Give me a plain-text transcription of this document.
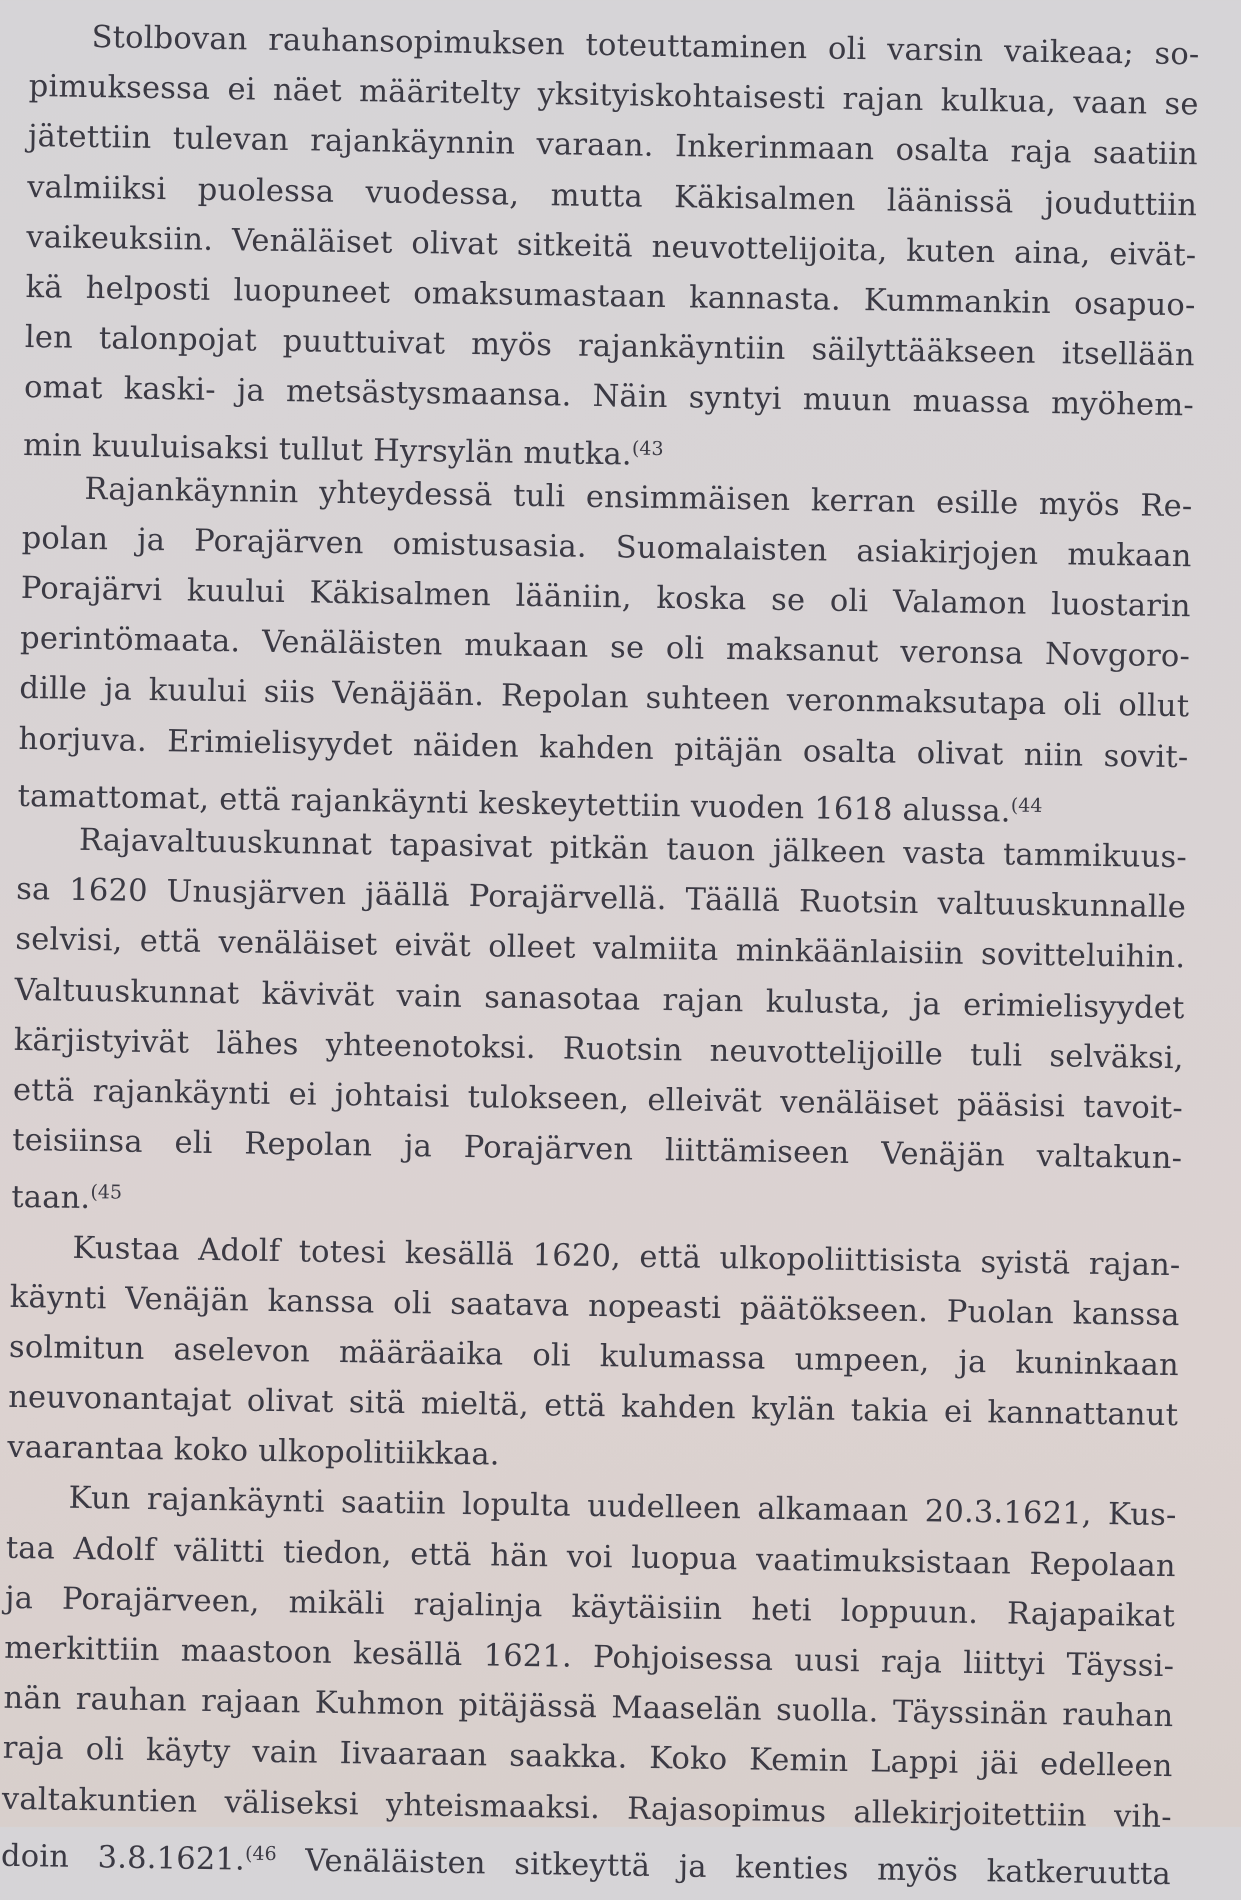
Stolbovan rauhansopimuksen toteuttaminen oli varsin vaikeaa; so-
pimuksessa ei näet määritelty yksityiskohtaisesti rajan kulkua, vaan se
jätettiin tulevan rajankäynnin varaan. Inkerinmaan osalta raja saatiin
valmiiksi puolessa vuodessa, mutta Käkisalmen läänissä jouduttiin
vaikeuksiin. Venäläiset olivat sitkeitä neuvottelijoita, kuten aina, eivät-
kä helposti luopuneet omaksumastaan kannasta. Kummankin osapuo-
len talonpojat puuttuivat myös rajankäyntiin säilyttääkseen itsellään
omat kaski- ja metsästysmaansa. Näin syntyi muun muassa myöhem-
min kuuluisaksi tullut Hyrsylän mutka.$^{(43}$
Rajankäynnin yhteydessä tuli ensimmäisen kerran esille myös Re-
polan ja Porajärven omistusasia. Suomalaisten asiakirjojen mukaan
Porajärvi kuului Käkisalmen lääniin, koska se oli Valamon luostarin
perintömaata. Venäläisten mukaan se oli maksanut veronsa Novgoro-
dille ja kuului siis Venäjään. Repolan suhteen veronmaksutapa oli ollut
horjuva. Erimielisyydet näiden kahden pitäjän osalta olivat niin sovit-
tamattomat, että rajankäynti keskeytettiin vuoden 1618 alussa.$^{(44}$
Rajavaltuuskunnat tapasivat pitkän tauon jälkeen vasta tammikuus-
sa 1620 Unusjärven jäällä Porajärvellä. Täällä Ruotsin valtuuskunnalle
selvisi, että venäläiset eivät olleet valmiita minkäänlaisiin sovitteluihin.
Valtuuskunnat kävivät vain sanasotaa rajan kulusta, ja erimielisyydet
kärjistyivät lähes yhteenotoksi. Ruotsin neuvottelijoille tuli selväksi,
että rajankäynti ei johtaisi tulokseen, elleivät venäläiset pääsisi tavoit-
teisiinsa eli Repolan ja Porajärven liittämiseen Venäjän valtakun-
taan.$^{(45}$
Kustaa Adolf totesi kesällä 1620, että ulkopoliittisista syistä rajan-
käynti Venäjän kanssa oli saatava nopeasti päätökseen. Puolan kanssa
solmitun aselevon määräaika oli kulumassa umpeen, ja kuninkaan
neuvonantajat olivat sitä mieltä, että kahden kylän takia ei kannattanut
vaarantaa koko ulkopolitiikkaa.
Kun rajankäynti saatiin lopulta uudelleen alkamaan 20.3.1621, Kus-
taa Adolf välitti tiedon, että hän voi luopua vaatimuksistaan Repolaan
ja Porajärveen, mikäli rajalinja käytäisiin heti loppuun. Rajapaikat
merkittiin maastoon kesällä 1621. Pohjoisessa uusi raja liittyi Täyssi-
nän rauhan rajaan Kuhmon pitäjässä Maaselän suolla. Täyssinän rauhan
raja oli käyty vain Iivaaraan saakka. Koko Kemin Lappi jäi edelleen
valtakuntien väliseksi yhteismaaksi. Rajasopimus allekirjoitettiin vih-
doin 3.8.1621.$^{(46}$ Venäläisten sitkeyttä ja kenties myös katkeruutta
